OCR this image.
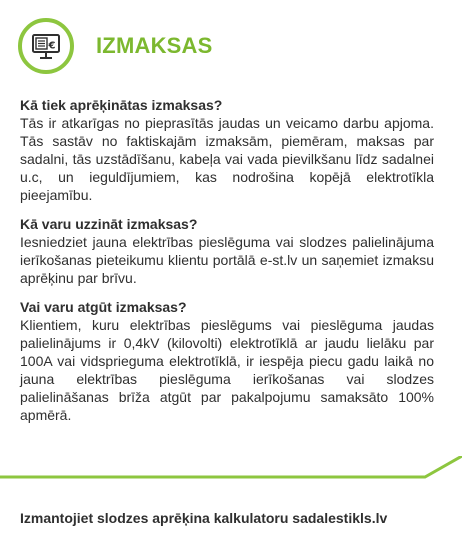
€ IZMAKSAS

Kā tiek aprēķinātas izmaksas?

Tās ir atkarīgas no pieprasītās jaudas un veicamo darbu apjoma. Tās sastāv no faktiskajām izmaksām, piemēram, maksas par sadalni, tās uzstādīšanu, kabeļa vai vada pievilkšanu līdz sadalnei u.c, un ieguldījumiem, kas nodrošina kopējā elektrotīkla pieejamību.

Kā varu uzzināt izmaksas?

Iesniedziet jauna elektrības pieslēguma vai slodzes palielinājuma ierīkošanas pieteikumu klientu portālā e-st.lv un saņemiet izmaksu aprēķinu par brīvu.

Vai varu atgūt izmaksas?

Klientiem, kuru elektrības pieslēgums vai pieslēguma jaudas palielinājums ir 0,4kV (kilovolti) elektrotīklā ar jaudu lielāku par 100A vai vidsprieguma elektrotīklā, ir iespēja piecu gadu laikā no jauna elektrības pieslēguma ierīkošanas vai slodzes palielināšanas brīža atgūt par pakalpojumu samaksāto 100% apmērā.

Izmantojiet slodzes aprēķina kalkulatoru sadalestikls.lv
